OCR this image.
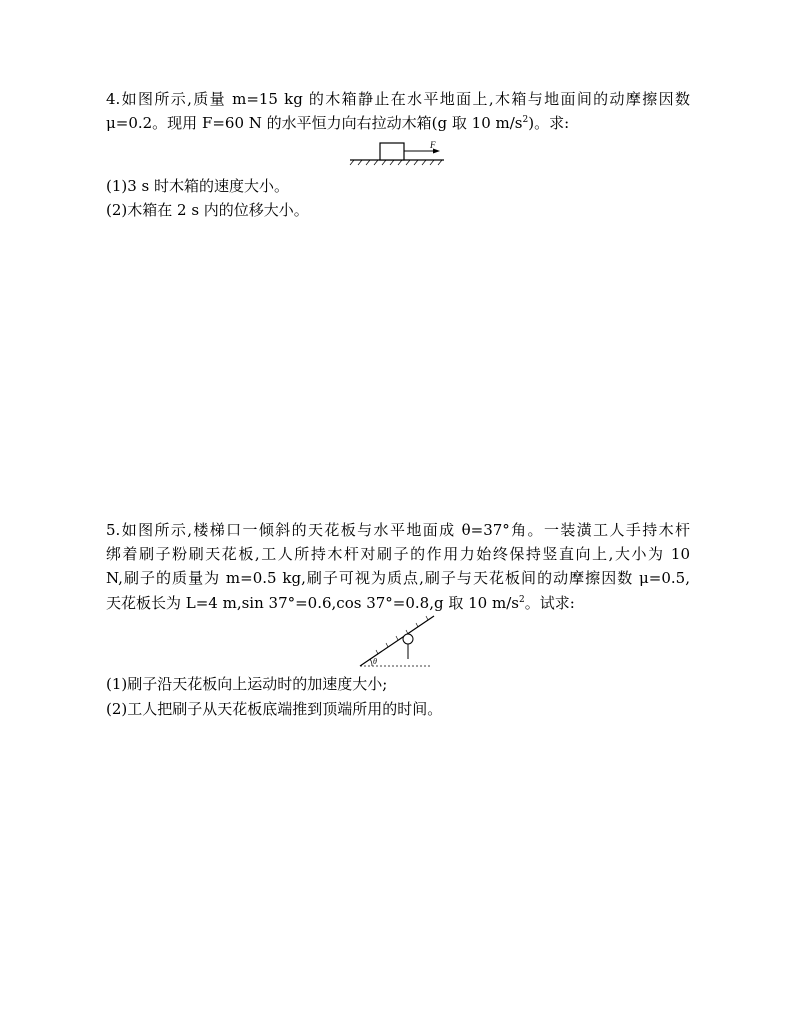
4.如图所示,质量 m=15 kg 的木箱静止在水平地面上,木箱与地面间的动摩擦因数
μ=0.2。现用 F=60 N 的水平恒力向右拉动木箱(g 取 10 $m/s^2$)。求:
F
(1)3 s 时木箱的速度大小。
(2)木箱在 2 s 内的位移大小。
5.如图所示,楼梯口一倾斜的天花板与水平地面成 θ=37°角。一装潢工人手持木杆
绑着刷子粉刷天花板,工人所持木杆对刷子的作用力始终保持竖直向上,大小为 10
N,刷子的质量为 m=0.5 kg,刷子可视为质点,刷子与天花板间的动摩擦因数 μ=0.5,
天花板长为 L=4 m,sin 37°=0.6,cos 37°=0.8,g 取 10 $m/s^2$。试求:
θ
(1)刷子沿天花板向上运动时的加速度大小;
(2)工人把刷子从天花板底端推到顶端所用的时间。
